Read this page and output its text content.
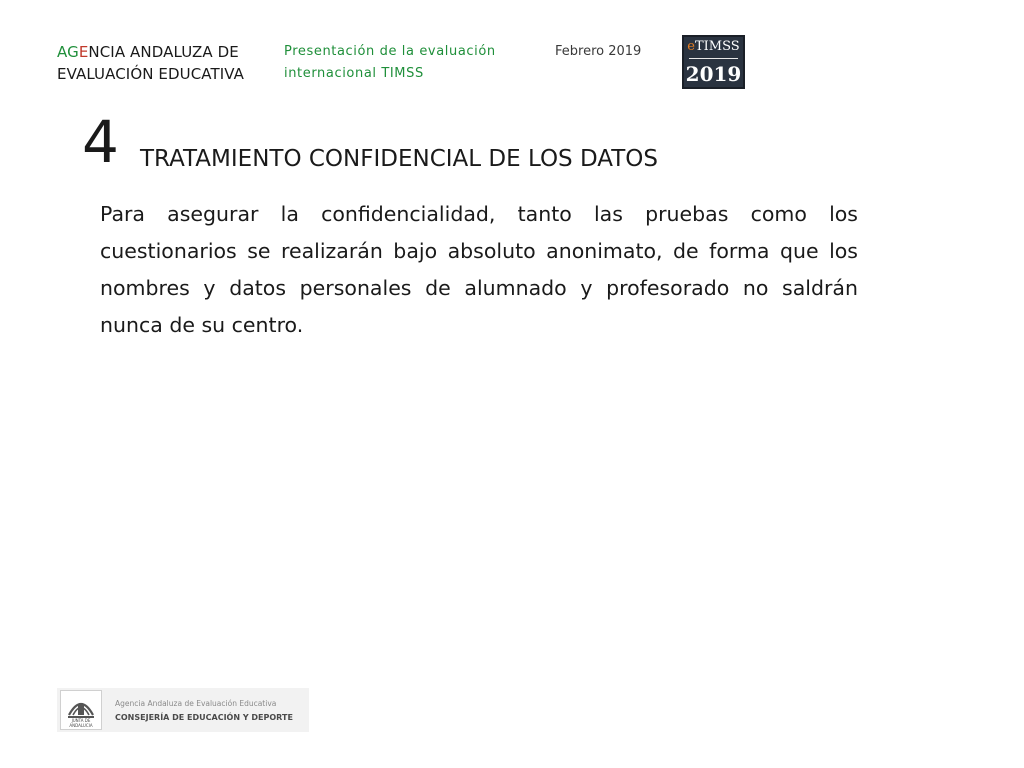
AGENCIA ANDALUZA DE
EVALUACIÓN EDUCATIVA
Presentación de la evaluación
internacional TIMSS
Febrero 2019	eTIMSS
2019
4 TRATAMIENTO CONFIDENCIAL DE LOS DATOS

Para asegurar la confidencialidad, tanto las pruebas como los cuestionarios se realizarán bajo absoluto anonimato, de forma que los nombres y datos personales de alumnado y profesorado no saldrán nunca de su centro.

JUNTA DE ANDALUCIA
Agencia Andaluza de Evaluación Educativa
CONSEJERÍA DE EDUCACIÓN Y DEPORTE
